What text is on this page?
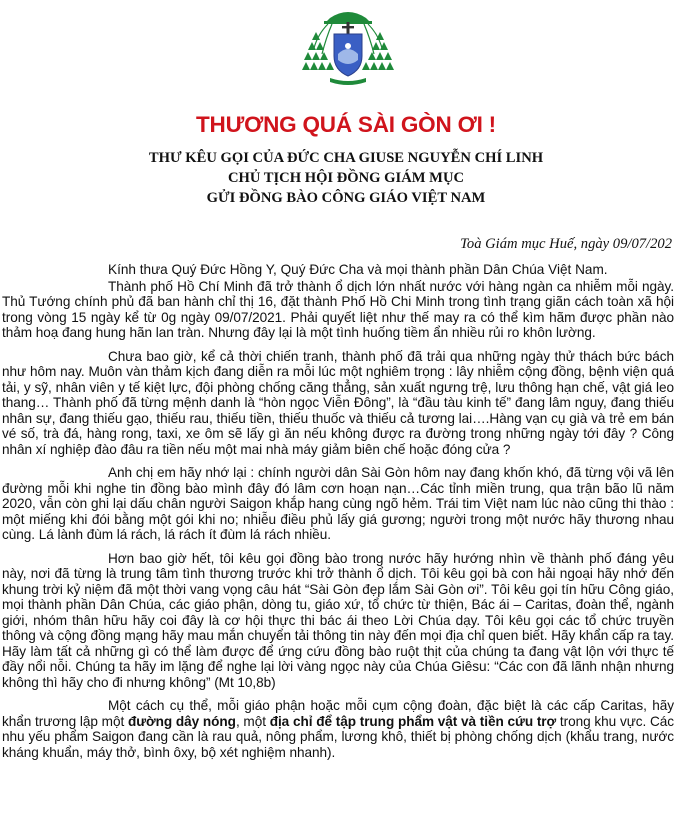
THƯƠNG QUÁ SÀI GÒN ƠI !
THƯ KÊU GỌI CỦA ĐỨC CHA GIUSE NGUYỄN CHÍ LINH
CHỦ TỊCH HỘI ĐỒNG GIÁM MỤC
GỬI ĐỒNG BÀO CÔNG GIÁO VIỆT NAM
Toà Giám mục Huế, ngày 09/07/202

Kính thưa Quý Đức Hồng Y, Quý Đức Cha và mọi thành phần Dân Chúa Việt Nam.

Thành phố Hồ Chí Minh đã trở thành ổ dịch lớn nhất nước với hàng ngàn ca nhiễm mỗi ngày. Thủ Tướng chính phủ đã ban hành chỉ thị 16, đặt thành Phố Hồ Chi Minh trong tình trạng giãn cách toàn xã hội trong vòng 15 ngày kể từ 0g ngày 09/07/2021. Phải quyết liệt như thế may ra có thể kìm hãm được phần nào thảm hoạ đang hung hãn lan tràn. Nhưng đây lại là một tình huống tiềm ẩn nhiều rủi ro khôn lường.

Chưa bao giờ, kể cả thời chiến tranh, thành phố đã trải qua những ngày thử thách bức bách như hôm nay. Muôn vàn thảm kịch đang diễn ra mỗi lúc một nghiêm trọng : lây nhiễm cộng đồng, bệnh viện quá tải, y sỹ, nhân viên y tế kiệt lực, đội phòng chống căng thẳng, sản xuất ngưng trệ, lưu thông hạn chế, vật giá leo thang… Thành phố đã từng mệnh danh là “hòn ngọc Viễn Đông”, là “đầu tàu kinh tế” đang lâm nguy, đang thiếu nhân sự, đang thiếu gạo, thiếu rau, thiếu tiền, thiếu thuốc và thiếu cả tương lai….Hàng vạn cụ già và trẻ em bán vé số, trà đá, hàng rong, taxi, xe ôm sẽ lấy gì ăn nếu không được ra đường trong những ngày tới đây ? Công nhân xí nghiệp đào đâu ra tiền nếu một mai nhà máy giảm biên chế hoặc đóng cửa ?

Anh chị em hãy nhớ lại : chính người dân Sài Gòn hôm nay đang khốn khó, đã từng vội vã lên đường mỗi khi nghe tin đồng bào mình đây đó lâm cơn hoạn nạn…Các tỉnh miền trung, qua trận bão lũ năm 2020, vẫn còn ghi lại dấu chân người Saigon khắp hang cùng ngõ hẻm. Trái tim Việt nam lúc nào cũng thi thào : một miếng khi đói bằng một gói khi no; nhiễu điều phủ lấy giá gương; người trong một nước hãy thương nhau cùng. Lá lành đùm lá rách, lá rách ít đùm lá rách nhiều.

Hơn bao giờ hết, tôi kêu gọi đồng bào trong nước hãy hướng nhìn về thành phố đáng yêu này, nơi đã từng là trung tâm tình thương trước khi trở thành ổ dịch. Tôi kêu gọi bà con hải ngoại hãy nhớ đến khung trời kỷ niệm đã một thời vang vọng câu hát “Sài Gòn đẹp lắm Sài Gòn ơi”. Tôi kêu gọi tín hữu Công giáo, mọi thành phần Dân Chúa, các giáo phận, dòng tu, giáo xứ, tổ chức từ thiện, Bác ái – Caritas, đoàn thể, ngành giới, nhóm thân hữu hãy coi đây là cơ hội thực thi bác ái theo Lời Chúa dạy. Tôi kêu gọi các tổ chức truyền thông và cộng đồng mạng hãy mau mắn chuyển tải thông tin này đến mọi địa chỉ quen biết. Hãy khẩn cấp ra tay. Hãy làm tất cả những gì có thể làm được để ứng cứu đồng bào ruột thịt của chúng ta đang vật lộn với thực tế đầy nổi nỗi. Chúng ta hãy im lặng để nghe lại lời vàng ngọc này của Chúa Giêsu: “Các con đã lãnh nhận nhưng không thì hãy cho đi nhưng không” (Mt 10,8b)

Một cách cụ thể, mỗi giáo phận hoặc mỗi cụm cộng đoàn, đặc biệt là các cấp Caritas, hãy khẩn trương lập một đường dây nóng, một địa chỉ để tập trung phẩm vật và tiền cứu trợ trong khu vực. Các nhu yếu phẩm Saigon đang cần là rau quả, nông phẩm, lương khô, thiết bị phòng chống dịch (khẩu trang, nước kháng khuẩn, máy thở, bình ôxy, bộ xét nghiệm nhanh).
